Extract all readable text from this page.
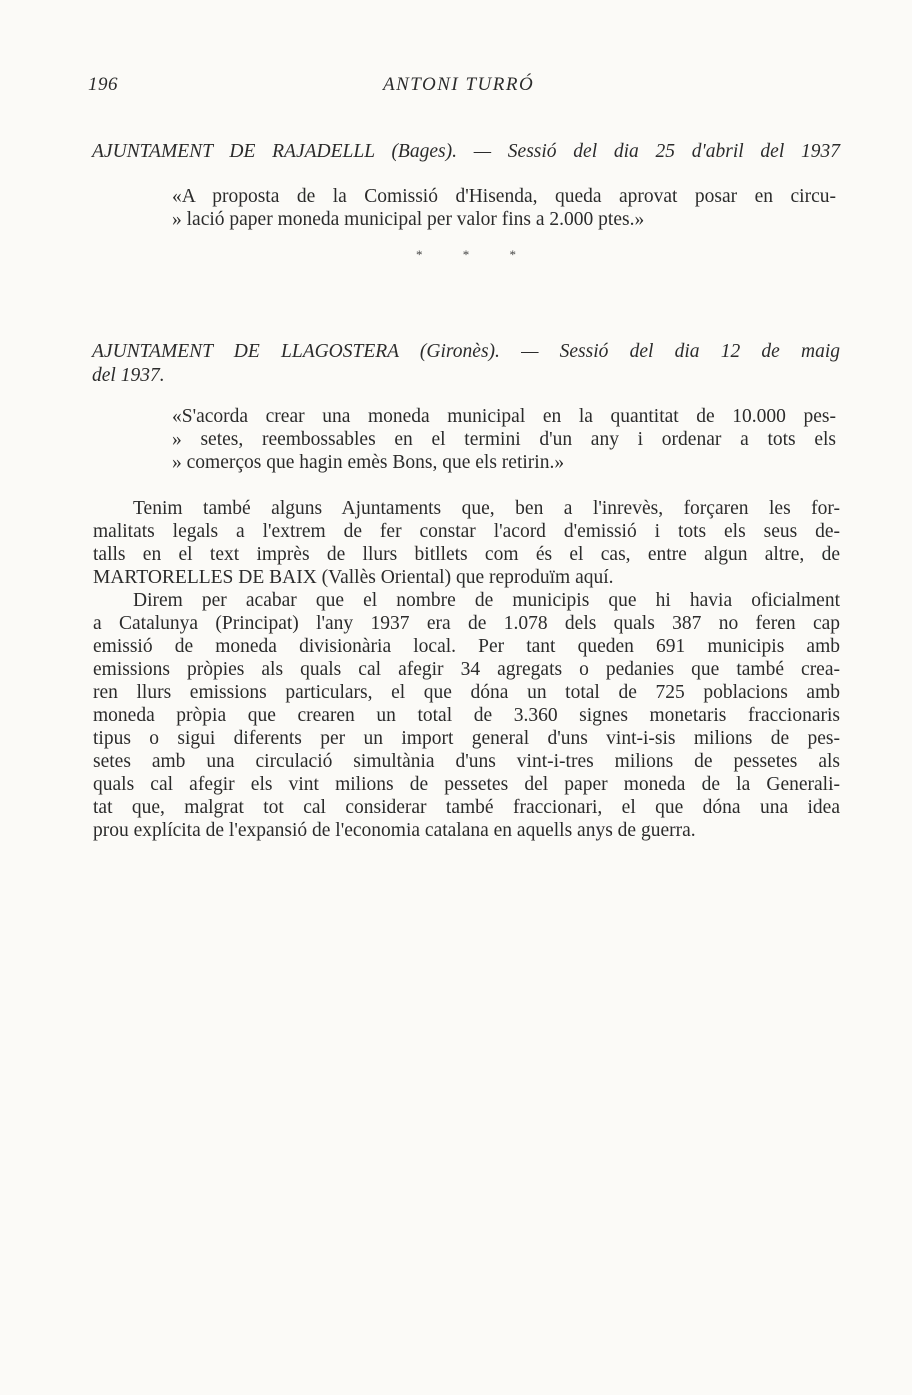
196	ANTONI TURRÓ
AJUNTAMENT DE RAJADELLL (Bages). — Sessió del dia 25 d'abril del 1937
«A proposta de la Comissió d'Hisenda, queda aprovat posar en circu-
» lació paper moneda municipal per valor fins a 2.000 ptes.»
*	*	*
AJUNTAMENT DE LLAGOSTERA (Gironès). — Sessió del dia 12 de maig
del 1937.
«S'acorda crear una moneda municipal en la quantitat de 10.000 pes-
» setes, reembossables en el termini d'un any i ordenar a tots els
» comerços que hagin emès Bons, que els retirin.»
Tenim també alguns Ajuntaments que, ben a l'inrevès, forçaren les for-
malitats legals a l'extrem de fer constar l'acord d'emissió i tots els seus de-
talls en el text imprès de llurs bitllets com és el cas, entre algun altre, de
MARTORELLES DE BAIX (Vallès Oriental) que reproduïm aquí.
Direm per acabar que el nombre de municipis que hi havia oficialment
a Catalunya (Principat) l'any 1937 era de 1.078 dels quals 387 no feren cap
emissió de moneda divisionària local. Per tant queden 691 municipis amb
emissions pròpies als quals cal afegir 34 agregats o pedanies que també crea-
ren llurs emissions particulars, el que dóna un total de 725 poblacions amb
moneda pròpia que crearen un total de 3.360 signes monetaris fraccionaris
tipus o sigui diferents per un import general d'uns vint-i-sis milions de pes-
setes amb una circulació simultània d'uns vint-i-tres milions de pessetes als
quals cal afegir els vint milions de pessetes del paper moneda de la Generali-
tat que, malgrat tot cal considerar també fraccionari, el que dóna una idea
prou explícita de l'expansió de l'economia catalana en aquells anys de guerra.
